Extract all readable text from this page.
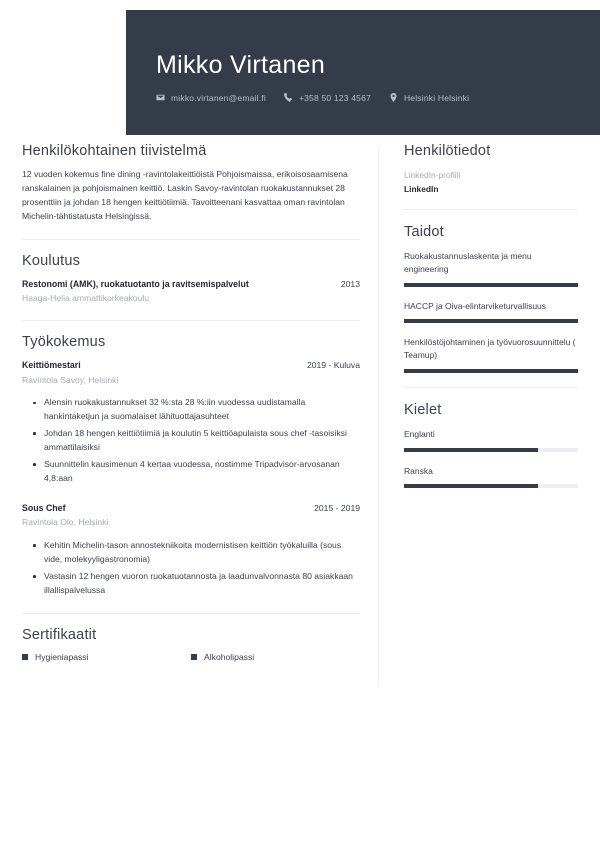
Mikko Virtanen
mikko.virtanen@email.fi	+358 50 123 4567	Helsinki Helsinki
Henkilökohtainen tiivistelmä

12 vuoden kokemus fine dining -ravintolakeittiöistä Pohjoismaissa, erikoisosaamisena ranskalainen ja pohjoismainen keittiö. Laskin Savoy-ravintolan ruokakustannukset 28 prosenttiin ja johdan 18 hengen keittiötiimiä. Tavoitteenani kasvattaa oman ravintolan Michelin-tähtistatusta Helsingissä.

Koulutus
Restonomi (AMK), ruokatuotanto ja ravitsemispalvelut	2013
Haaga-Helia ammattikorkeakoulu
Työkokemus
Keittiömestari	2019 - Kuluva
Ravintola Savoy, Helsinki
Alensin ruokakustannukset 32 %:sta 28 %:iin vuodessa uudistamalla hankintaketjun ja suomalaiset lähituottajasuhteet
Johdan 18 hengen keittiötiimiä ja koulutin 5 keittiöapulaista sous chef -tasoisiksi ammattilaisiksi
Suunnittelin kausimenun 4 kertaa vuodessa, nostimme Tripadvisor-arvosanan 4,8:aan
Sous Chef	2015 - 2019
Ravintola Olo, Helsinki
Kehitin Michelin-tason annostekniikoita modernistisen keittiön työkaluilla (sous vide, molekyyligastronomia)
Vastasin 12 hengen vuoron ruokatuotannosta ja laadunvalvonnasta 80 asiakkaan illallispalvelussa
Sertifikaatit
Hygieniapassi	Alkoholipassi
Henkilötiedot
LinkedIn-profiili
LinkedIn
Taidot
Ruokakustannuslaskenta ja menu engineering
HACCP ja Oiva-elintarviketurvallisuus
Henkilöstöjohtaminen ja työvuorosuunnittelu ( Teamup)
Kielet
Englanti
Ranska
